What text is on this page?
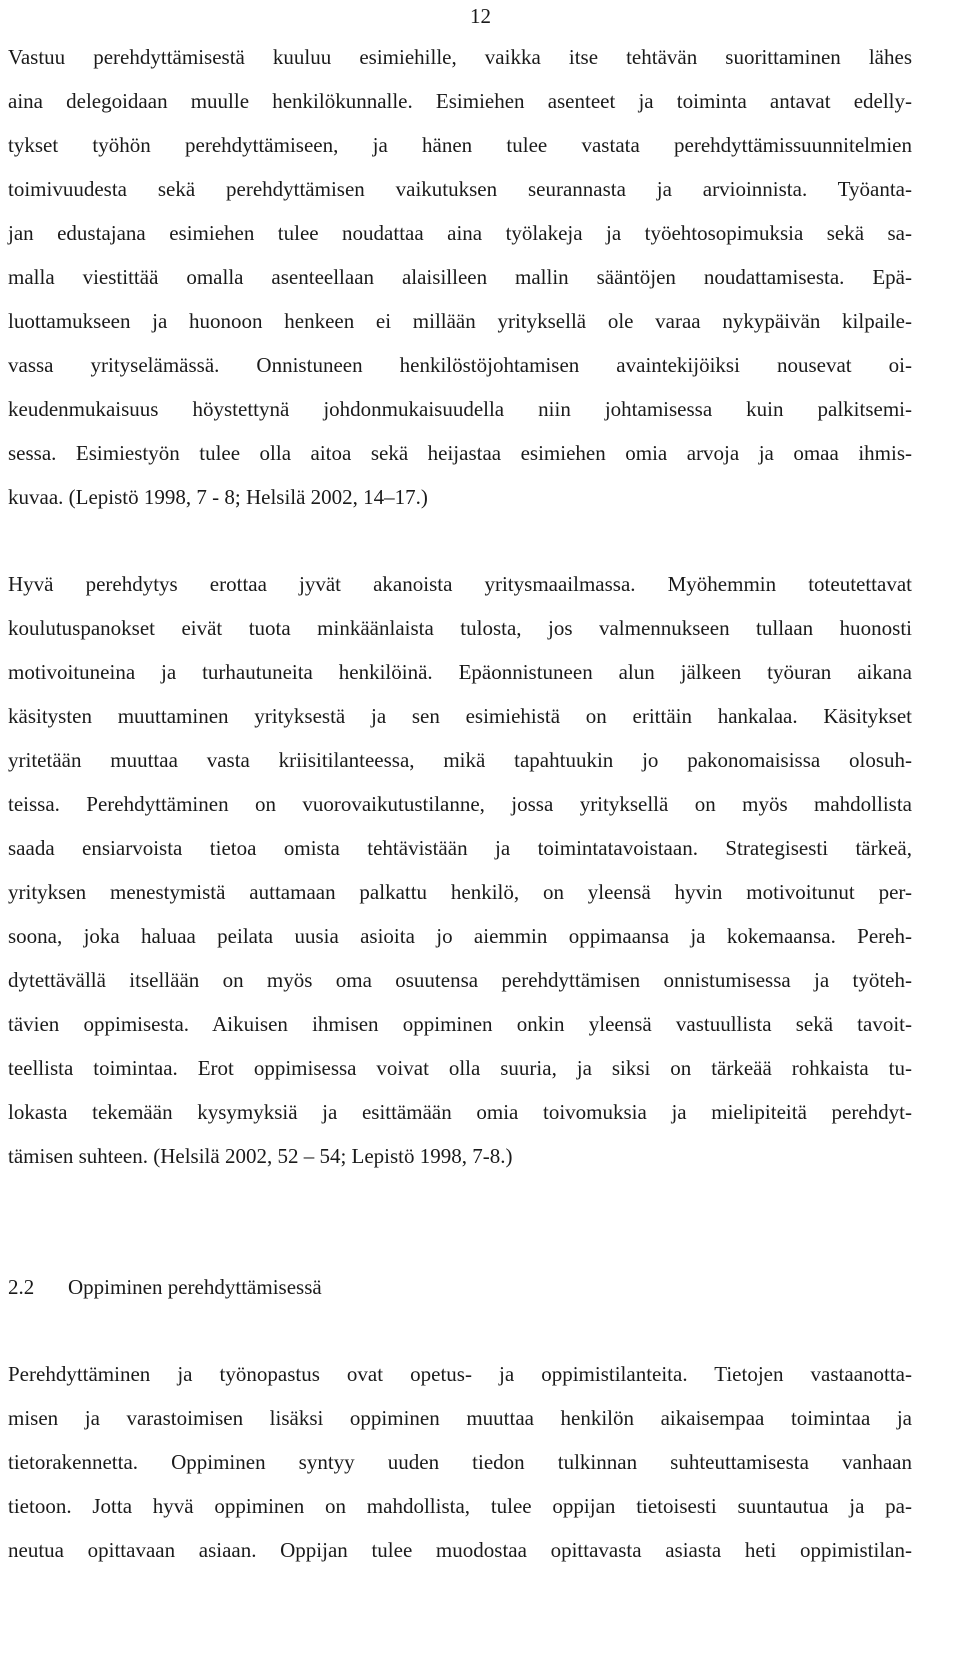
12
Vastuu perehdyttämisestä kuuluu esimiehille, vaikka itse tehtävän suorittaminen lähes
aina delegoidaan muulle henkilökunnalle. Esimiehen asenteet ja toiminta antavat edelly-
tykset työhön perehdyttämiseen, ja hänen tulee vastata perehdyttämissuunnitelmien
toimivuudesta sekä perehdyttämisen vaikutuksen seurannasta ja arvioinnista. Työanta-
jan edustajana esimiehen tulee noudattaa aina työlakeja ja työehtosopimuksia sekä sa-
malla viestittää omalla asenteellaan alaisilleen mallin sääntöjen noudattamisesta. Epä-
luottamukseen ja huonoon henkeen ei millään yrityksellä ole varaa nykypäivän kilpaile-
vassa yrityselämässä. Onnistuneen henkilöstöjohtamisen avaintekijöiksi nousevat oi-
keudenmukaisuus höystettynä johdonmukaisuudella niin johtamisessa kuin palkitsemi-
sessa. Esimiestyön tulee olla aitoa sekä heijastaa esimiehen omia arvoja ja omaa ihmis-
kuvaa. (Lepistö 1998, 7 - 8; Helsilä 2002, 14–17.)
Hyvä perehdytys erottaa jyvät akanoista yritysmaailmassa. Myöhemmin toteutettavat
koulutuspanokset eivät tuota minkäänlaista tulosta, jos valmennukseen tullaan huonosti
motivoituneina ja turhautuneita henkilöinä. Epäonnistuneen alun jälkeen työuran aikana
käsitysten muuttaminen yrityksestä ja sen esimiehistä on erittäin hankalaa. Käsitykset
yritetään muuttaa vasta kriisitilanteessa, mikä tapahtuukin jo pakonomaisissa olosuh-
teissa. Perehdyttäminen on vuorovaikutustilanne, jossa yrityksellä on myös mahdollista
saada ensiarvoista tietoa omista tehtävistään ja toimintatavoistaan. Strategisesti tärkeä,
yrityksen menestymistä auttamaan palkattu henkilö, on yleensä hyvin motivoitunut per-
soona, joka haluaa peilata uusia asioita jo aiemmin oppimaansa ja kokemaansa. Pereh-
dytettävällä itsellään on myös oma osuutensa perehdyttämisen onnistumisessa ja työteh-
tävien oppimisesta. Aikuisen ihmisen oppiminen onkin yleensä vastuullista sekä tavoit-
teellista toimintaa. Erot oppimisessa voivat olla suuria, ja siksi on tärkeää rohkaista tu-
lokasta tekemään kysymyksiä ja esittämään omia toivomuksia ja mielipiteitä perehdyt-
tämisen suhteen. (Helsilä 2002, 52 – 54; Lepistö 1998, 7-8.)
2.2 Oppiminen perehdyttämisessä
Perehdyttäminen ja työnopastus ovat opetus- ja oppimistilanteita. Tietojen vastaanotta-
misen ja varastoimisen lisäksi oppiminen muuttaa henkilön aikaisempaa toimintaa ja
tietorakennetta. Oppiminen syntyy uuden tiedon tulkinnan suhteuttamisesta vanhaan
tietoon. Jotta hyvä oppiminen on mahdollista, tulee oppijan tietoisesti suuntautua ja pa-
neutua opittavaan asiaan. Oppijan tulee muodostaa opittavasta asiasta heti oppimistilan-
